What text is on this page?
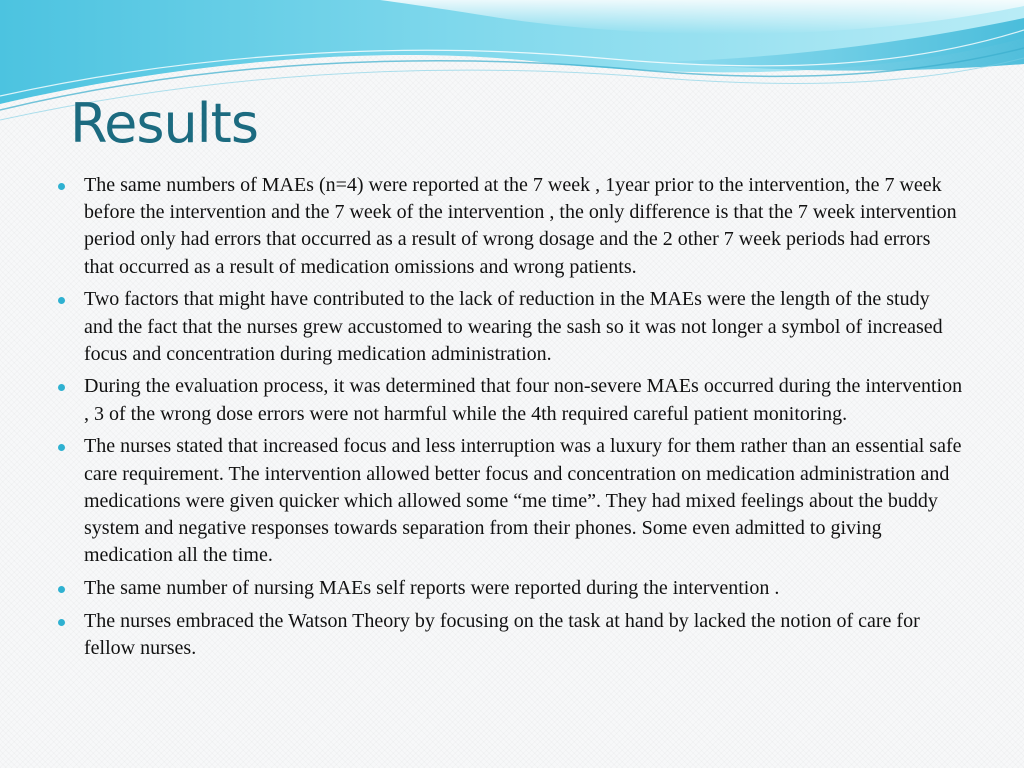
Results
The same numbers of MAEs (n=4) were reported at the 7 week , 1year prior to the intervention, the 7 week before the intervention and the 7 week of the intervention , the only difference is that the 7 week intervention period only had errors that occurred as a result of wrong dosage and the 2 other 7 week periods had errors that occurred as a result of medication omissions and wrong patients.
Two factors that might have contributed to the lack of reduction in the MAEs were the length of the study and the fact that the nurses grew accustomed to wearing the sash so it was not longer a symbol of increased focus and concentration during medication administration.
During the evaluation process, it was determined that four non-severe MAEs occurred during the intervention , 3 of the wrong dose errors were not harmful while the 4th required careful patient monitoring.
The nurses stated that increased focus and less interruption was a luxury for them rather than an essential safe care requirement. The intervention allowed better focus and concentration on medication administration and medications were given quicker which allowed some “me time”. They had mixed feelings about the buddy system and negative responses towards separation from their phones. Some even admitted to giving medication all the time.
The same number of nursing MAEs self reports were reported during the intervention .
The nurses embraced the Watson Theory by focusing on the task at hand by lacked the notion of care for fellow nurses.
